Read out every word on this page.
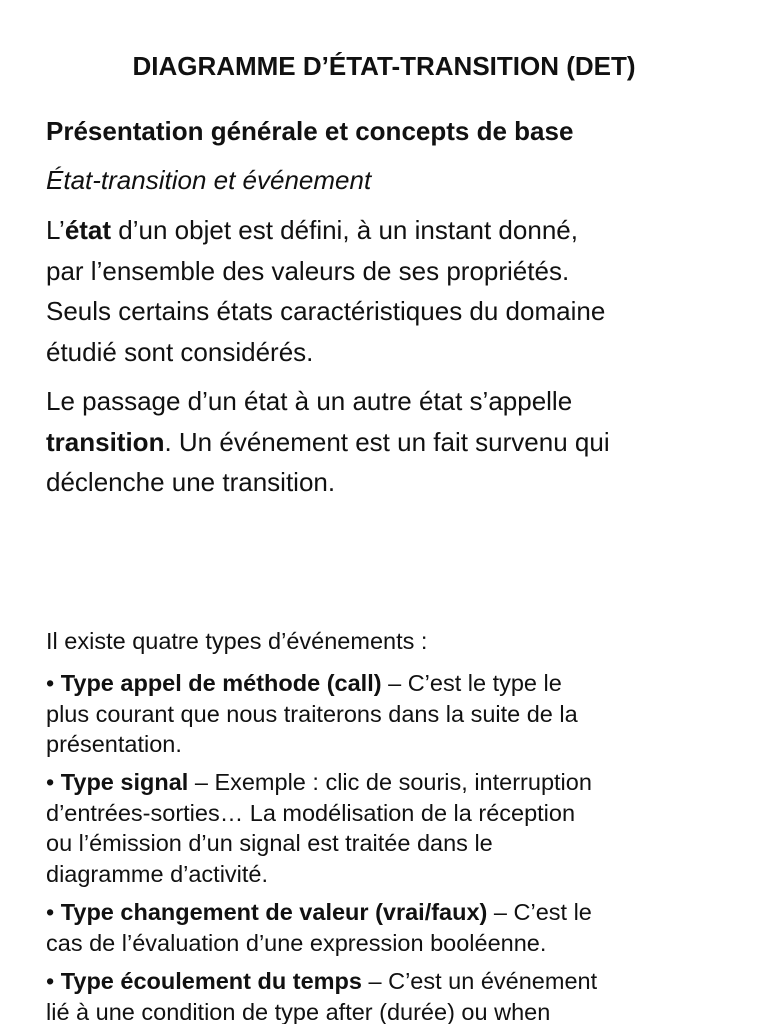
DIAGRAMME D’ÉTAT-TRANSITION (DET)
Présentation générale et concepts de base
État-transition et événement
L’état d’un objet est défini, à un instant donné,
par l’ensemble des valeurs de ses propriétés.
Seuls certains états caractéristiques du domaine
étudié sont considérés.
Le passage d’un état à un autre état s’appelle
transition. Un événement est un fait survenu qui
déclenche une transition.
Il existe quatre types d’événements :
• Type appel de méthode (call) – C’est le type le
plus courant que nous traiterons dans la suite de la
présentation.
• Type signal – Exemple : clic de souris, interruption
d’entrées-sorties… La modélisation de la réception
ou l’émission d’un signal est traitée dans le
diagramme d’activité.
• Type changement de valeur (vrai/faux) – C’est le
cas de l’évaluation d’une expression booléenne.
• Type écoulement du temps – C’est un événement
lié à une condition de type after (durée) ou when
